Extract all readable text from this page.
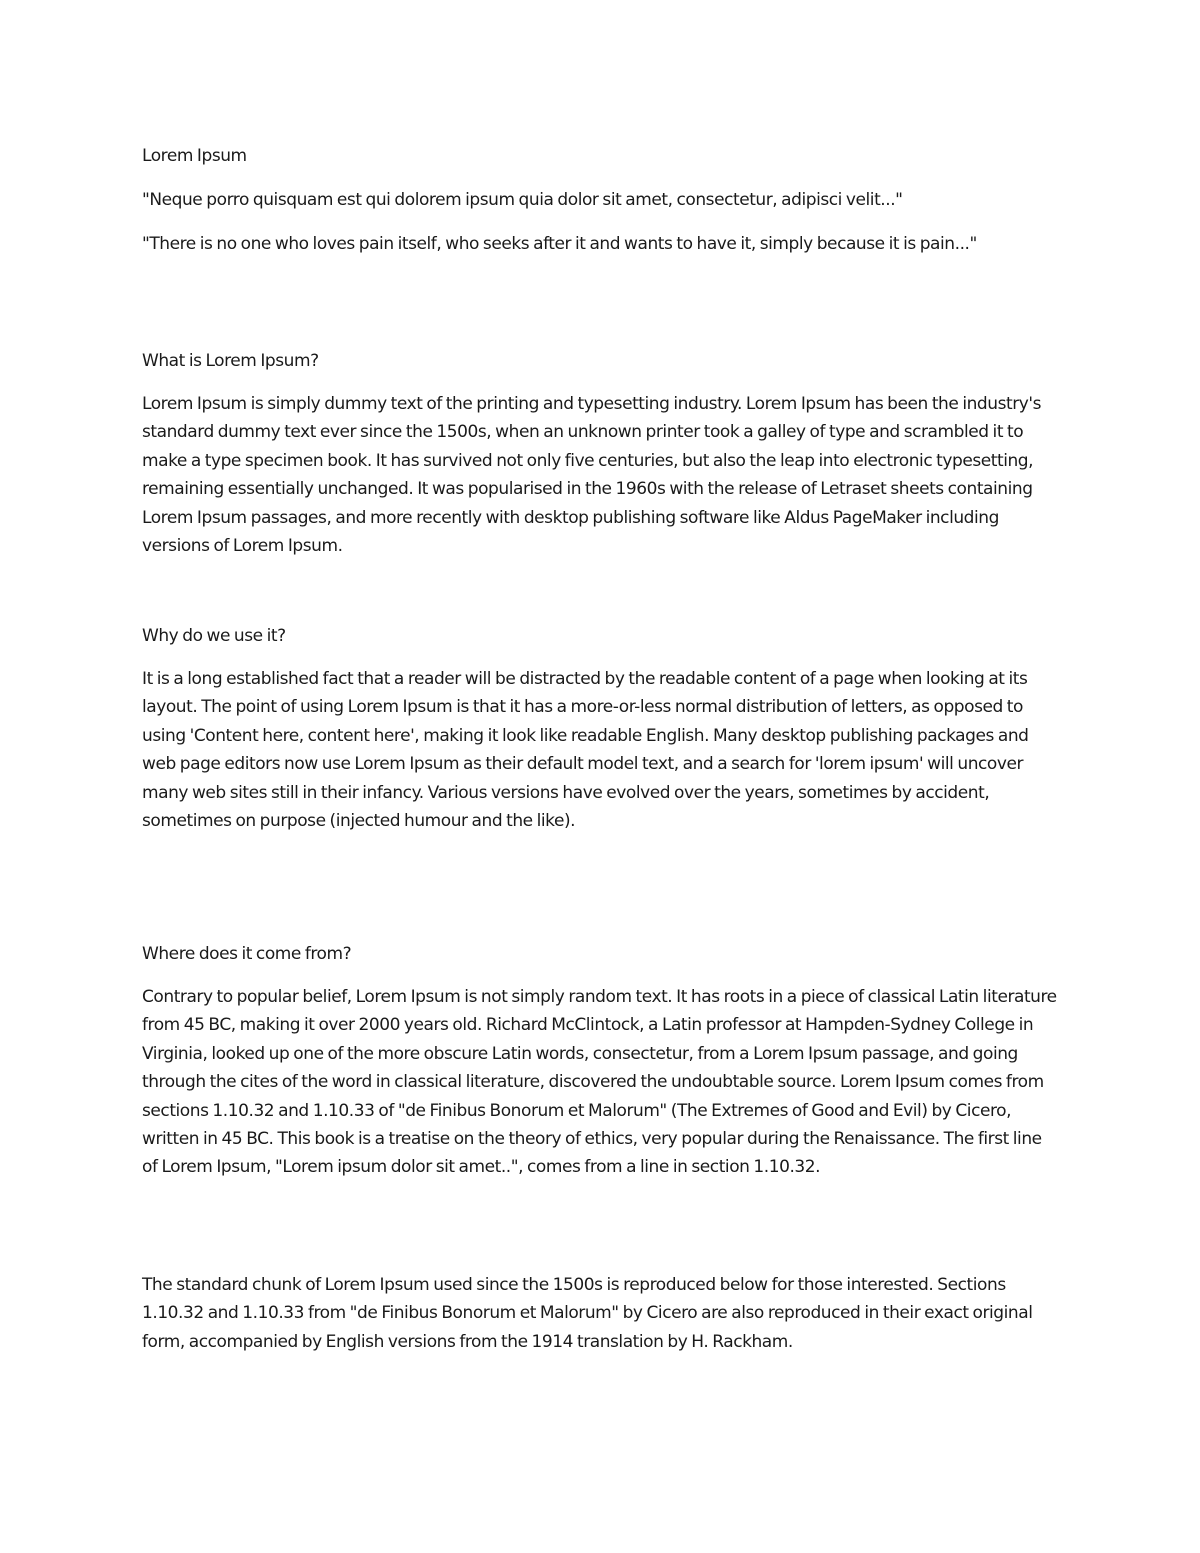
Lorem Ipsum

"Neque porro quisquam est qui dolorem ipsum quia dolor sit amet, consectetur, adipisci velit..."

"There is no one who loves pain itself, who seeks after it and wants to have it, simply because it is pain..."

What is Lorem Ipsum?

Lorem Ipsum is simply dummy text of the printing and typesetting industry. Lorem Ipsum has been the industry's standard dummy text ever since the 1500s, when an unknown printer took a galley of type and scrambled it to make a type specimen book. It has survived not only five centuries, but also the leap into electronic typesetting, remaining essentially unchanged. It was popularised in the 1960s with the release of Letraset sheets containing Lorem Ipsum passages, and more recently with desktop publishing software like Aldus PageMaker including versions of Lorem Ipsum.

Why do we use it?

It is a long established fact that a reader will be distracted by the readable content of a page when looking at its layout. The point of using Lorem Ipsum is that it has a more-or-less normal distribution of letters, as opposed to using 'Content here, content here', making it look like readable English. Many desktop publishing packages and web page editors now use Lorem Ipsum as their default model text, and a search for 'lorem ipsum' will uncover many web sites still in their infancy. Various versions have evolved over the years, sometimes by accident, sometimes on purpose (injected humour and the like).

Where does it come from?

Contrary to popular belief, Lorem Ipsum is not simply random text. It has roots in a piece of classical Latin literature from 45 BC, making it over 2000 years old. Richard McClintock, a Latin professor at Hampden-Sydney College in Virginia, looked up one of the more obscure Latin words, consectetur, from a Lorem Ipsum passage, and going through the cites of the word in classical literature, discovered the undoubtable source. Lorem Ipsum comes from sections 1.10.32 and 1.10.33 of "de Finibus Bonorum et Malorum" (The Extremes of Good and Evil) by Cicero, written in 45 BC. This book is a treatise on the theory of ethics, very popular during the Renaissance. The first line of Lorem Ipsum, "Lorem ipsum dolor sit amet..", comes from a line in section 1.10.32.

The standard chunk of Lorem Ipsum used since the 1500s is reproduced below for those interested. Sections 1.10.32 and 1.10.33 from "de Finibus Bonorum et Malorum" by Cicero are also reproduced in their exact original form, accompanied by English versions from the 1914 translation by H. Rackham.
